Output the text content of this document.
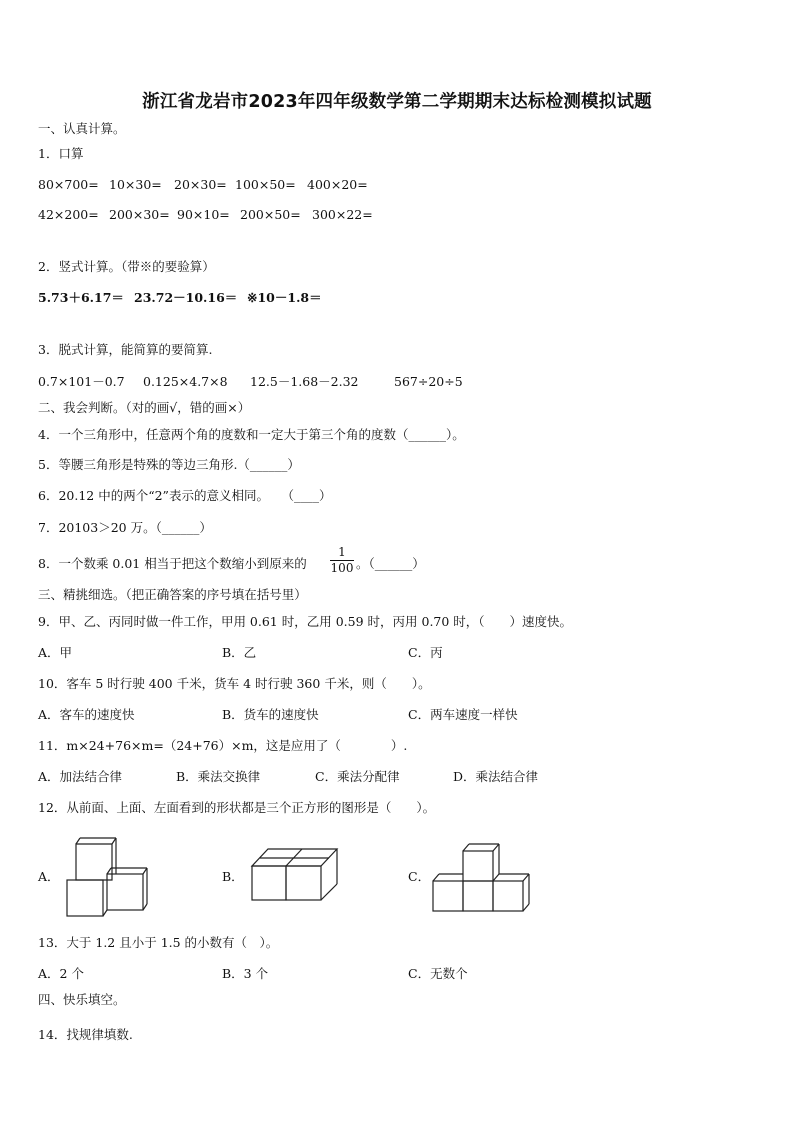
浙江省龙岩市2023年四年级数学第二学期期末达标检测模拟试题
一、认真计算。
1．口算
80×700= 10×30= 20×30= 100×50= 400×20=
42×200= 200×30= 90×10= 200×50= 300×22=
2．竖式计算。（带※的要验算）
5.73＋6.17＝ 23.72－10.16＝ ※10－1.8＝
3．脱式计算，能简算的要简算.
0.7×101－0.7 0.125×4.7×8 12.5－1.68－2.32	567÷20÷5
二、我会判断。（对的画√，错的画×）
4．一个三角形中，任意两个角的度数和一定大于第三个角的度数（______）。
5．等腰三角形是特殊的等边三角形.（______）
6．20.12 中的两个“2”表示的意义相同。　　（____）
7．20103＞20 万。（______）
8．一个数乘 0.01 相当于把这个数缩小到原来的
1
100 。（______）
三、精挑细选。（把正确答案的序号填在括号里）
9．甲、乙、丙同时做一件工作，甲用 0.61 时，乙用 0.59 时，丙用 0.70 时，（　　）速度快。
A．甲	B．乙	C．丙
10．客车 5 时行驶 400 千米，货车 4 时行驶 360 千米，则（　　）。
A．客车的速度快	B．货车的速度快	C．两车速度一样快
11．m×24+76×m=（24+76）×m，这是应用了（　　　　）.
A．加法结合律	B．乘法交换律	C．乘法分配律	D．乘法结合律
12．从前面、上面、左面看到的形状都是三个正方形的图形是（　　）。
A．	B．	C．
13．大于 1.2 且小于 1.5 的小数有（　）。
A．2 个	B．3 个	C．无数个
四、快乐填空。
14．找规律填数.
